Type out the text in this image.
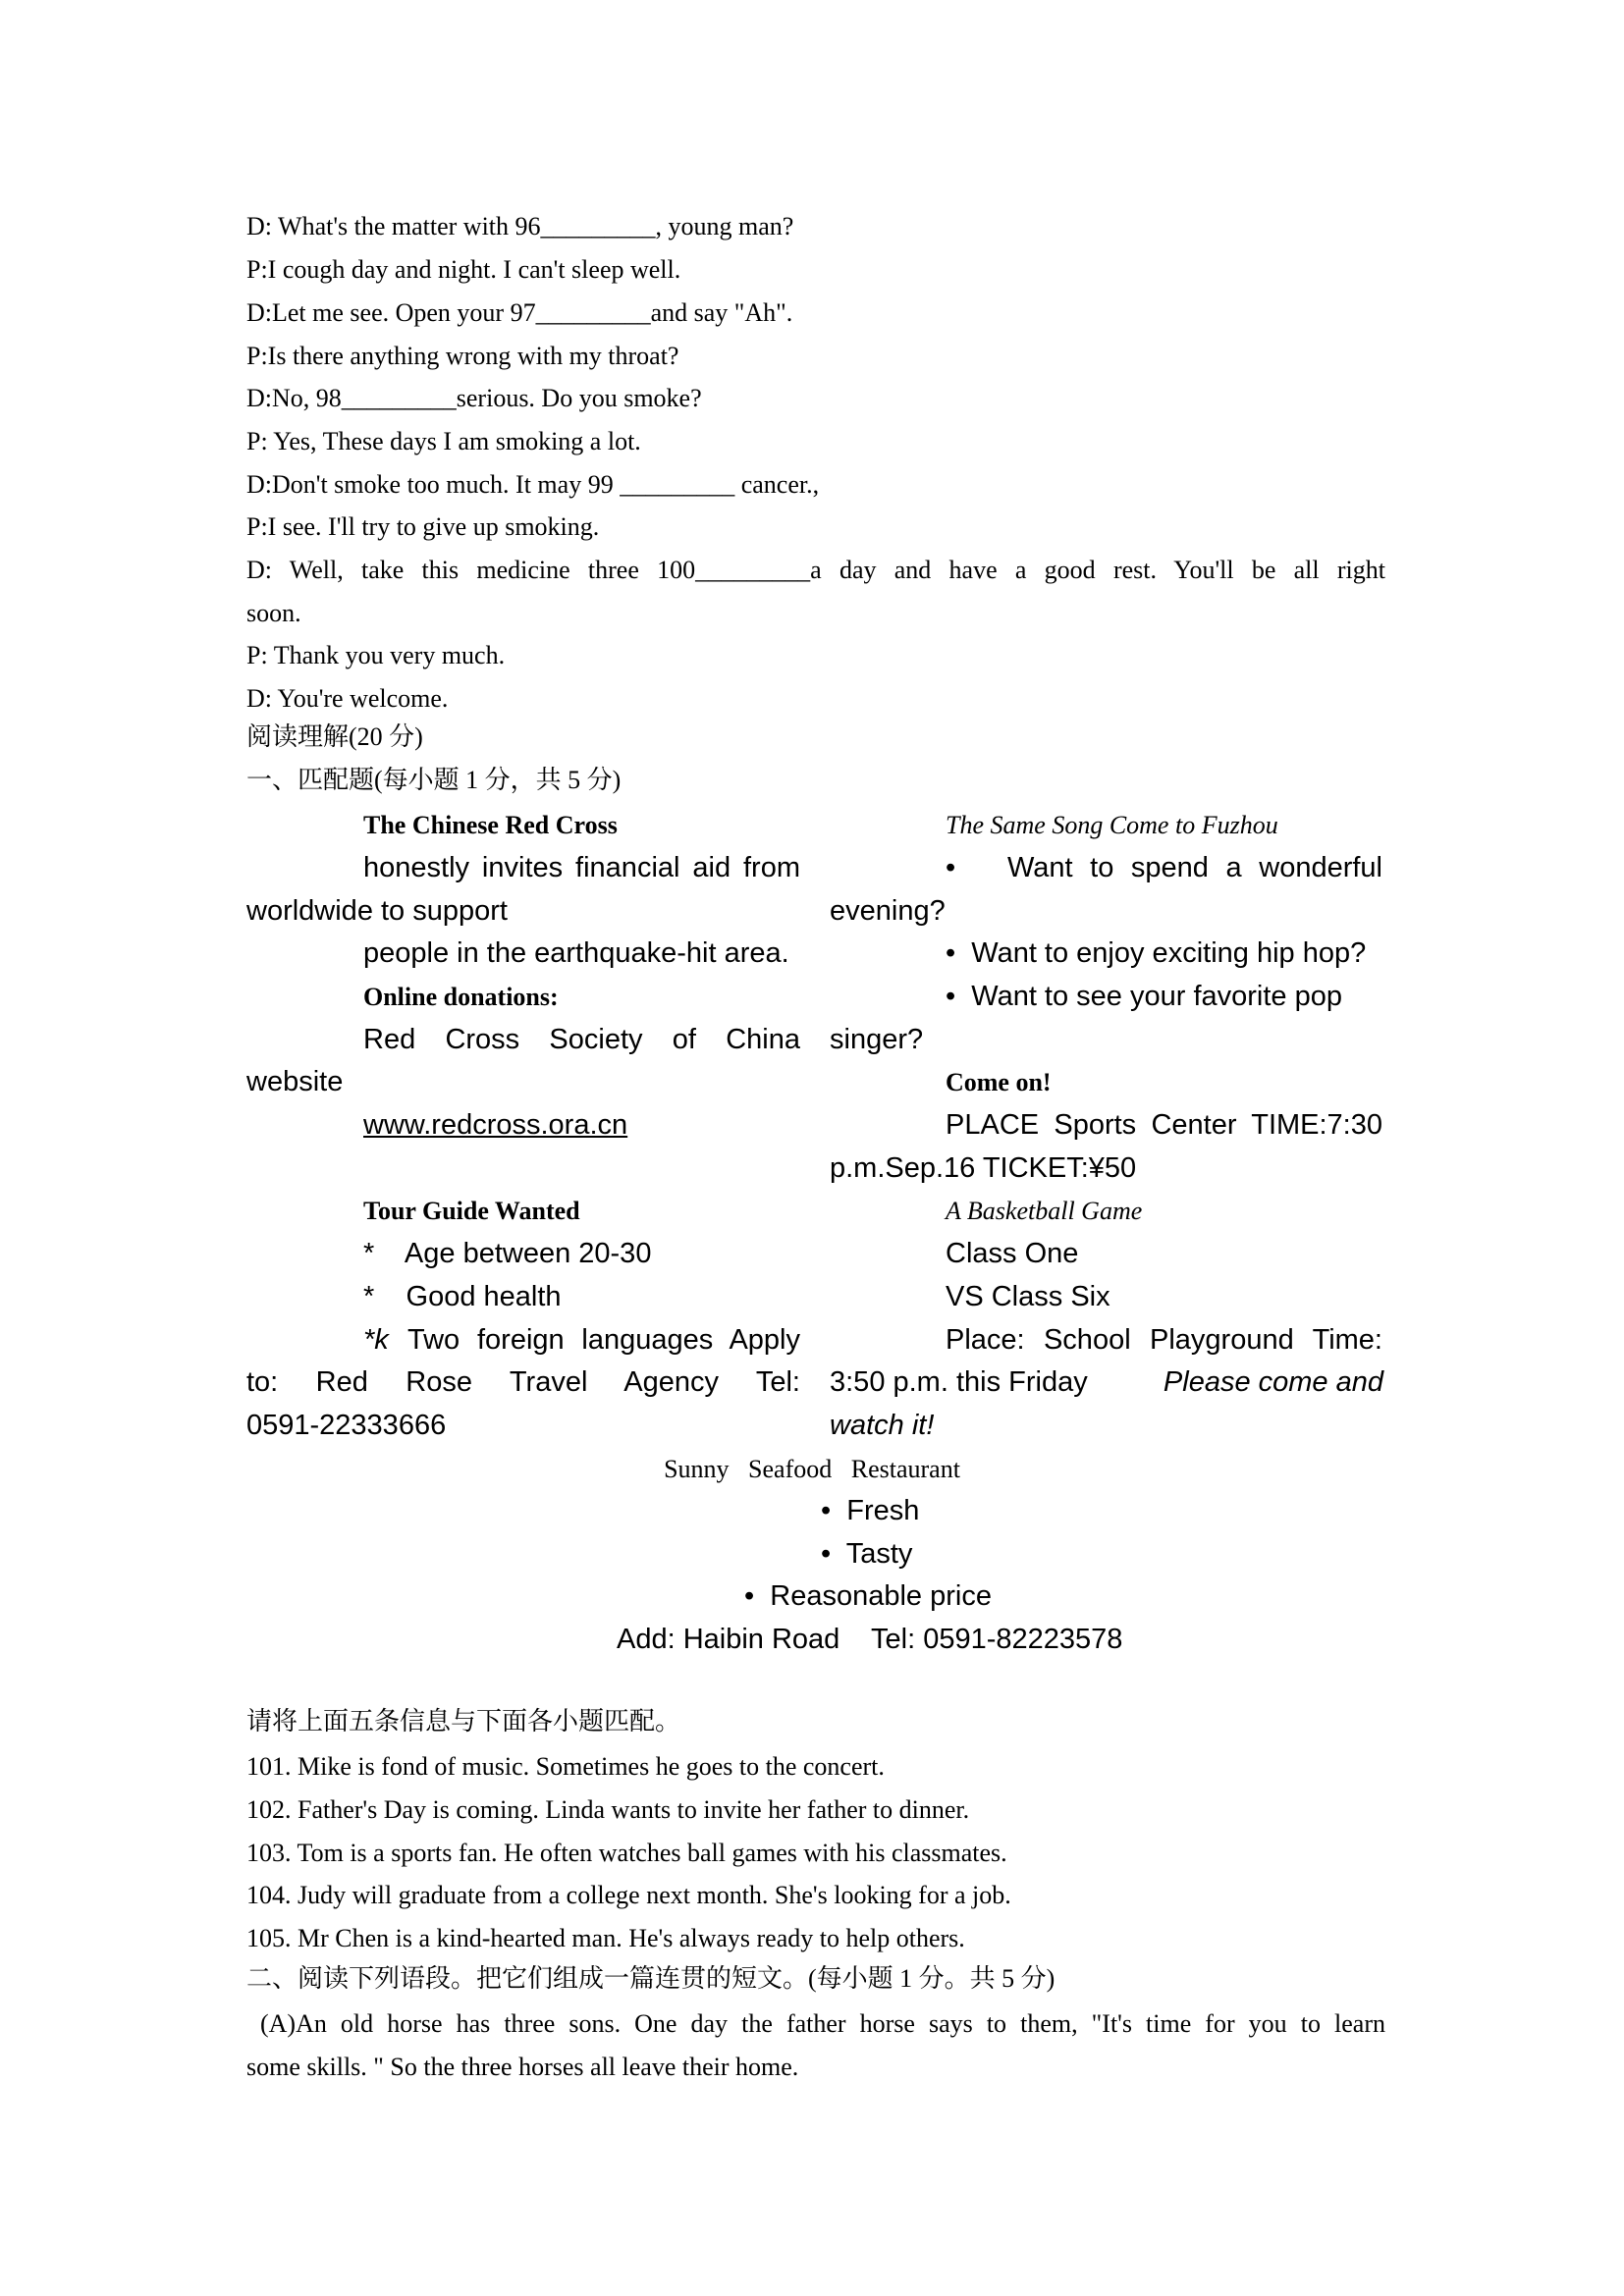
D: What's the matter with 96_________, young man?
P:I cough day and night. I can't sleep well.
D:Let me see. Open your 97_________and say "Ah".
P:Is there anything wrong with my throat?
D:No, 98_________serious. Do you smoke?
P: Yes, These days I am smoking a lot.
D:Don't smoke too much. It may 99 _________ cancer.,
P:I see. I'll try to give up smoking.
D: Well, take this medicine three 100_________a day and have a good rest. You'll be all right
soon.
P: Thank you very much.
D: You're welcome.
阅读理解(20 分)
一、匹配题(每小题 1 分，共 5 分)
The Chinese Red Cross
honestly invites financial aid from
worldwide to support
people in the earthquake-hit area.
Online donations:
Red Cross Society of China
website
www.redcross.ora.cn
The Same Song Come to Fuzhou
•   Want to spend a wonderful
evening?
•  Want to enjoy exciting hip hop?
•  Want to see your favorite pop
singer?
Come on!
PLACE Sports Center TIME:7:30
p.m.Sep.16 TICKET:¥50
Tour Guide Wanted
*    Age between 20-30
*    Good health
*k Two foreign languages Apply
to: Red Rose Travel Agency Tel:
0591-22333666
A Basketball Game
Class One
VS Class Six
Place: School Playground Time:
3:50 p.m. this Friday	Please come and
watch it!
Sunny   Seafood   Restaurant
•  Fresh
•  Tasty
•  Reasonable price
Add: Haibin Road    Tel: 0591-82223578
请将上面五条信息与下面各小题匹配。
101. Mike is fond of music. Sometimes he goes to the concert.
102. Father's Day is coming. Linda wants to invite her father to dinner.
103. Tom is a sports fan. He often watches ball games with his classmates.
104. Judy will graduate from a college next month. She's looking for a job.
105. Mr Chen is a kind-hearted man. He's always ready to help others.
二、阅读下列语段。把它们组成一篇连贯的短文。(每小题 1 分。共 5 分)
(A)An old horse has three sons. One day the father horse says to them, "It's time for you to learn
some skills. " So the three horses all leave their home.
